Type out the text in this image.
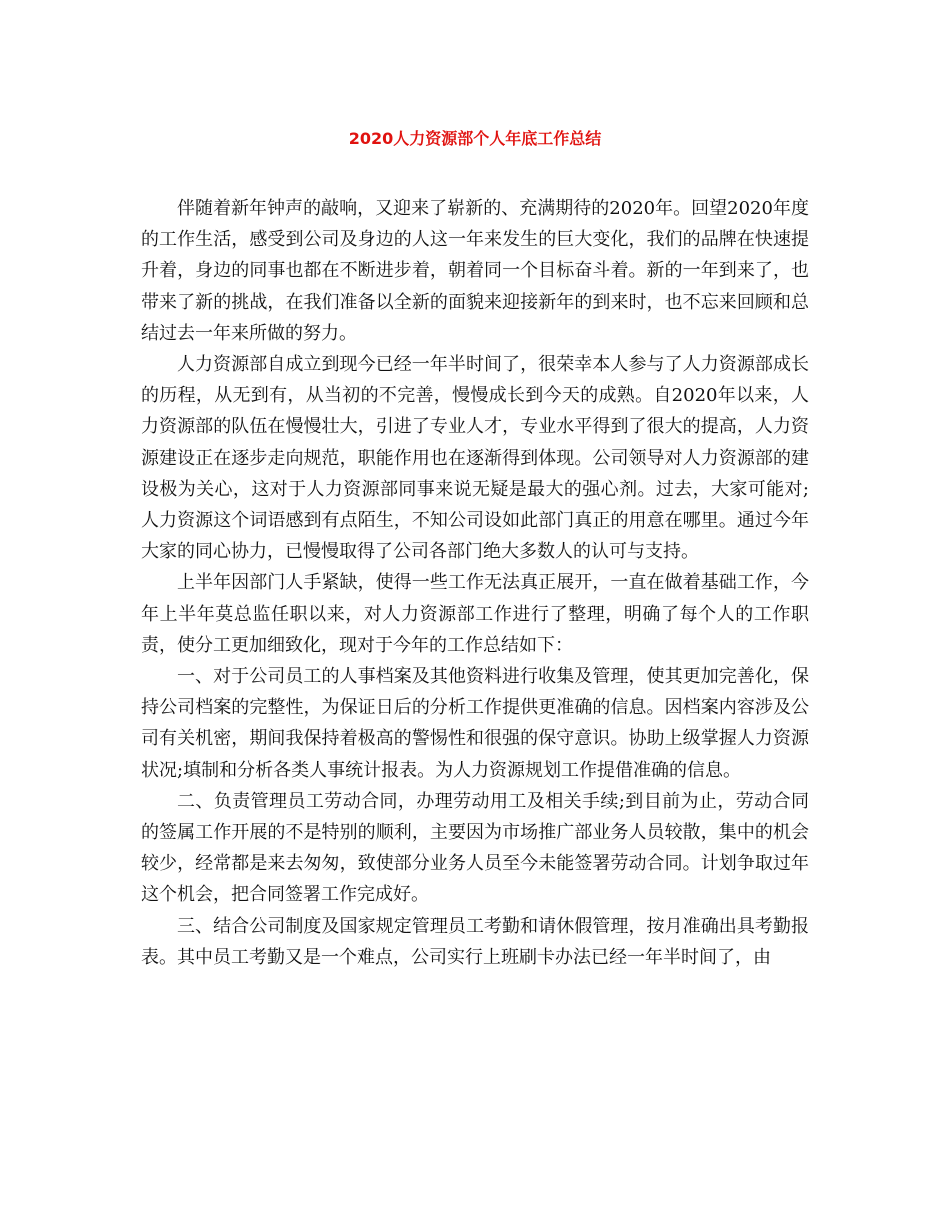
2020人力资源部个人年底工作总结

伴随着新年钟声的敲响，又迎来了崭新的、充满期待的2020年。回望2020年度的工作生活，感受到公司及身边的人这一年来发生的巨大变化，我们的品牌在快速提升着，身边的同事也都在不断进步着，朝着同一个目标奋斗着。新的一年到来了，也带来了新的挑战，在我们准备以全新的面貌来迎接新年的到来时，也不忘来回顾和总结过去一年来所做的努力。

人力资源部自成立到现今已经一年半时间了，很荣幸本人参与了人力资源部成长的历程，从无到有，从当初的不完善，慢慢成长到今天的成熟。自2020年以来，人力资源部的队伍在慢慢壮大，引进了专业人才，专业水平得到了很大的提高，人力资源建设正在逐步走向规范，职能作用也在逐渐得到体现。公司领导对人力资源部的建设极为关心，这对于人力资源部同事来说无疑是最大的强心剂。过去，大家可能对;人力资源这个词语感到有点陌生，不知公司设如此部门真正的用意在哪里。通过今年大家的同心协力，已慢慢取得了公司各部门绝大多数人的认可与支持。

上半年因部门人手紧缺，使得一些工作无法真正展开，一直在做着基础工作，今年上半年莫总监任职以来，对人力资源部工作进行了整理，明确了每个人的工作职责，使分工更加细致化，现对于今年的工作总结如下：

一、对于公司员工的人事档案及其他资料进行收集及管理，使其更加完善化，保持公司档案的完整性，为保证日后的分析工作提供更准确的信息。因档案内容涉及公司有关机密，期间我保持着极高的警惕性和很强的保守意识。协助上级掌握人力资源状况;填制和分析各类人事统计报表。为人力资源规划工作提借准确的信息。

二、负责管理员工劳动合同，办理劳动用工及相关手续;到目前为止，劳动合同的签属工作开展的不是特别的顺利，主要因为市场推广部业务人员较散，集中的机会较少，经常都是来去匆匆，致使部分业务人员至今未能签署劳动合同。计划争取过年这个机会，把合同签署工作完成好。

三、结合公司制度及国家规定管理员工考勤和请休假管理，按月准确出具考勤报表。其中员工考勤又是一个难点，公司实行上班刷卡办法已经一年半时间了，由
